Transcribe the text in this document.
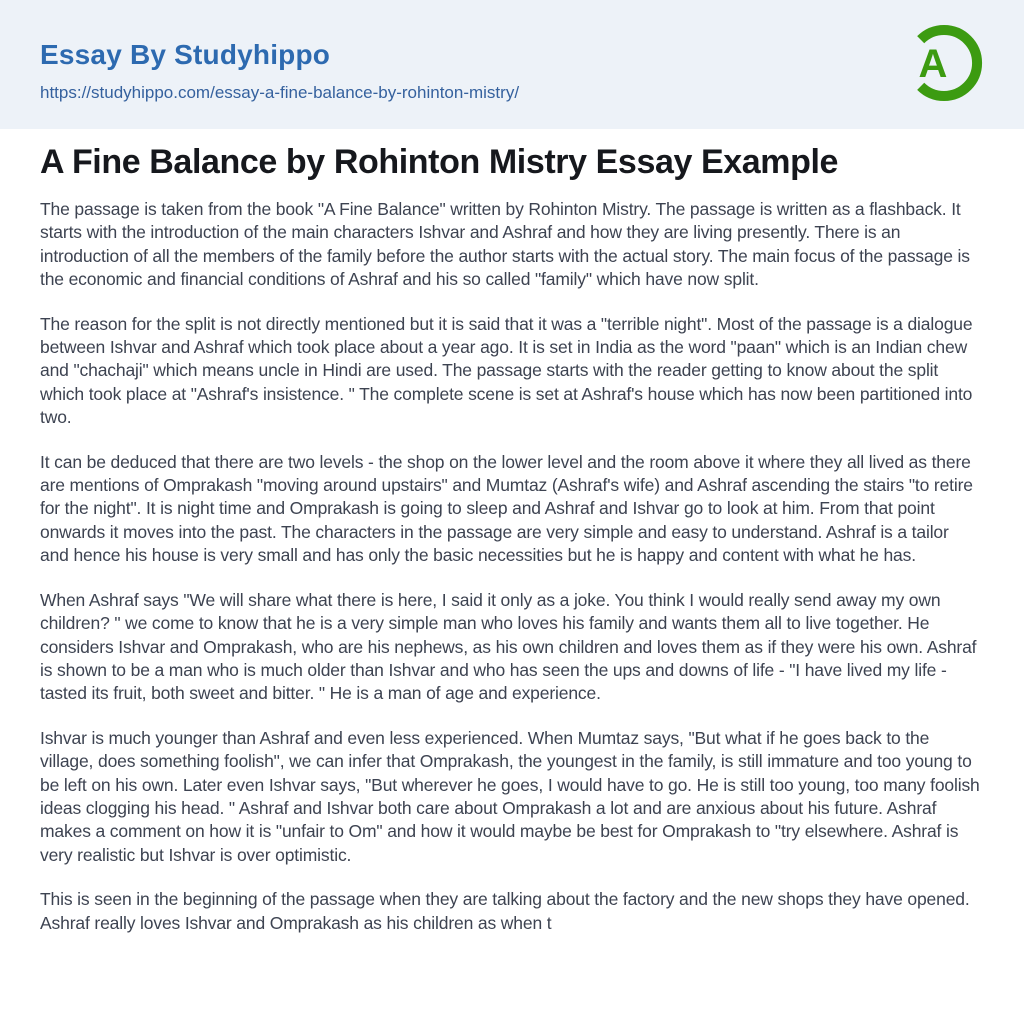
Essay By Studyhippo
https://studyhippo.com/essay-a-fine-balance-by-rohinton-mistry/
A
A Fine Balance by Rohinton Mistry Essay Example

The passage is taken from the book "A Fine Balance" written by Rohinton Mistry. The passage is written as a flashback. It starts with the introduction of the main characters Ishvar and Ashraf and how they are living presently. There is an introduction of all the members of the family before the author starts with the actual story. The main focus of the passage is the economic and financial conditions of Ashraf and his so called "family" which have now split.

The reason for the split is not directly mentioned but it is said that it was a "terrible night". Most of the passage is a dialogue between Ishvar and Ashraf which took place about a year ago. It is set in India as the word "paan" which is an Indian chew and "chachaji" which means uncle in Hindi are used. The passage starts with the reader getting to know about the split which took place at "Ashraf's insistence. " The complete scene is set at Ashraf's house which has now been partitioned into two.

It can be deduced that there are two levels - the shop on the lower level and the room above it where they all lived as there are mentions of Omprakash "moving around upstairs" and Mumtaz (Ashraf's wife) and Ashraf ascending the stairs "to retire for the night". It is night time and Omprakash is going to sleep and Ashraf and Ishvar go to look at him. From that point onwards it moves into the past. The characters in the passage are very simple and easy to understand. Ashraf is a tailor and hence his house is very small and has only the basic necessities but he is happy and content with what he has.

When Ashraf says "We will share what there is here, I said it only as a joke. You think I would really send away my own children? " we come to know that he is a very simple man who loves his family and wants them all to live together. He considers Ishvar and Omprakash, who are his nephews, as his own children and loves them as if they were his own. Ashraf is shown to be a man who is much older than Ishvar and who has seen the ups and downs of life - "I have lived my life - tasted its fruit, both sweet and bitter. " He is a man of age and experience.

Ishvar is much younger than Ashraf and even less experienced. When Mumtaz says, "But what if he goes back to the village, does something foolish", we can infer that Omprakash, the youngest in the family, is still immature and too young to be left on his own. Later even Ishvar says, "But wherever he goes, I would have to go. He is still too young, too many foolish ideas clogging his head. " Ashraf and Ishvar both care about Omprakash a lot and are anxious about his future. Ashraf makes a comment on how it is "unfair to Om" and how it would maybe be best for Omprakash to "try elsewhere. Ashraf is very realistic but Ishvar is over optimistic.

This is seen in the beginning of the passage when they are talking about the factory and the new shops they have opened. Ashraf really loves Ishvar and Omprakash as his children as when t
